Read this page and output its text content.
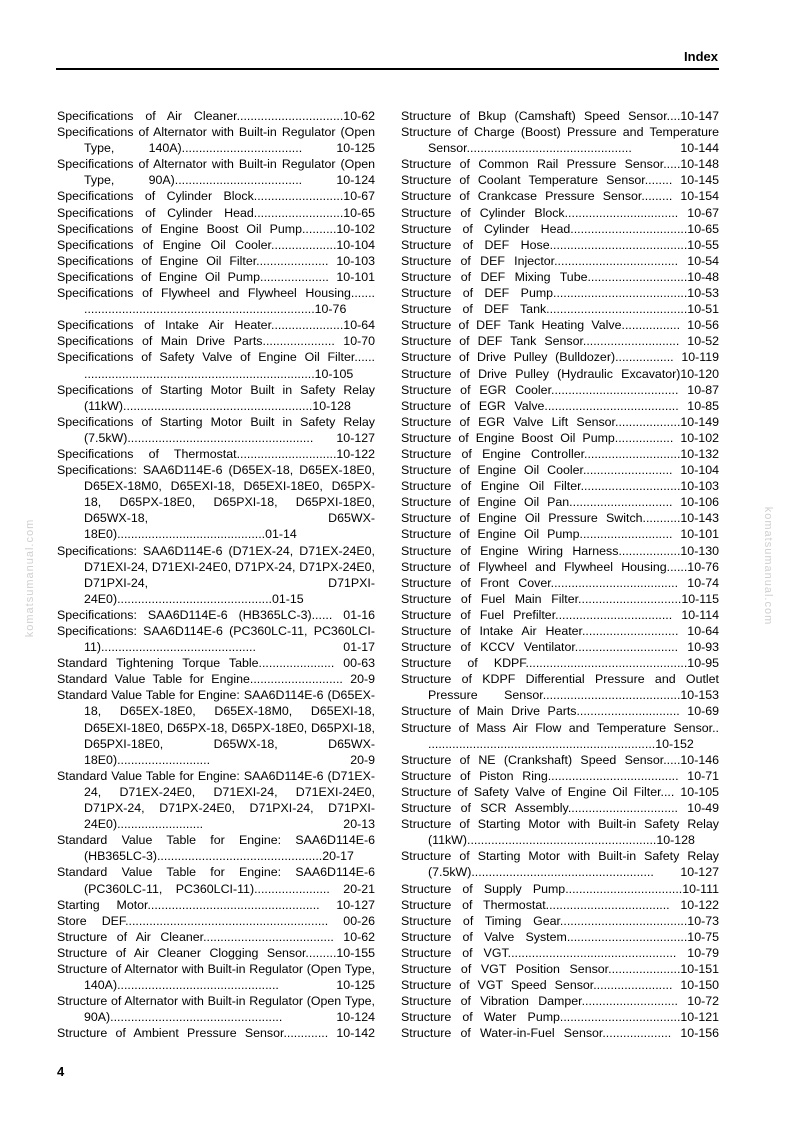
Index
komatsumanual.com	komatsumanual.com
Specifications of Air Cleaner...............................10-62
Specifications of Alternator with Built-in Regulator (Open Type, 140A)................................... 10-125
Specifications of Alternator with Built-in Regulator (Open Type, 90A)..................................... 10-124
Specifications of Cylinder Block..........................10-67
Specifications of Cylinder Head..........................10-65
Specifications of Engine Boost Oil Pump..........10-102
Specifications of Engine Oil Cooler...................10-104
Specifications of Engine Oil Filter..................... 10-103
Specifications of Engine Oil Pump.................... 10-101
Specifications of Flywheel and Flywheel Housing....... ...................................................................10-76
Specifications of Intake Air Heater.....................10-64
Specifications of Main Drive Parts..................... 10-70
Specifications of Safety Valve of Engine Oil Filter...... ...................................................................10-105
Specifications of Starting Motor Built in Safety Relay (11kW).......................................................10-128
Specifications of Starting Motor Built in Safety Relay (7.5kW)...................................................... 10-127
Specifications of Thermostat.............................10-122
Specifications: SAA6D114E-6 (D65EX-18, D65EX-18E0, D65EX-18M0, D65EXI-18, D65EXI-18E0, D65PX-18, D65PX-18E0, D65PXI-18, D65PXI-18E0, D65WX-18, D65WX-18E0)...........................................01-14
Specifications: SAA6D114E-6 (D71EX-24, D71EX-24E0, D71EXI-24, D71EXI-24E0, D71PX-24, D71PX-24E0, D71PXI-24, D71PXI-24E0).............................................01-15
Specifications: SAA6D114E-6 (HB365LC-3)...... 01-16
Specifications: SAA6D114E-6 (PC360LC-11, PC360LCI-11)............................................. 01-17
Standard Tightening Torque Table...................... 00-63
Standard Value Table for Engine........................... 20-9
Standard Value Table for Engine: SAA6D114E-6 (D65EX-18, D65EX-18E0, D65EX-18M0, D65EXI-18, D65EXI-18E0, D65PX-18, D65PX-18E0, D65PXI-18, D65PXI-18E0, D65WX-18, D65WX-18E0)........................... 20-9
Standard Value Table for Engine: SAA6D114E-6 (D71EX-24, D71EX-24E0, D71EXI-24, D71EXI-24E0, D71PX-24, D71PX-24E0, D71PXI-24, D71PXI-24E0)......................... 20-13
Standard Value Table for Engine: SAA6D114E-6 (HB365LC-3)................................................20-17
Standard Value Table for Engine: SAA6D114E-6 (PC360LC-11, PC360LCI-11)...................... 20-21
Starting Motor.................................................. 10-127
Store DEF........................................................... 00-26
Structure of Air Cleaner...................................... 10-62
Structure of Air Cleaner Clogging Sensor.........10-155
Structure of Alternator with Built-in Regulator (Open Type, 140A)............................................... 10-125
Structure of Alternator with Built-in Regulator (Open Type, 90A).................................................. 10-124
Structure of Ambient Pressure Sensor............. 10-142
Structure of Bkup (Camshaft) Speed Sensor....10-147
Structure of Charge (Boost) Pressure and Temperature Sensor................................................ 10-144
Structure of Common Rail Pressure Sensor.....10-148
Structure of Coolant Temperature Sensor........ 10-145
Structure of Crankcase Pressure Sensor......... 10-154
Structure of Cylinder Block................................. 10-67
Structure of Cylinder Head..................................10-65
Structure of DEF Hose........................................10-55
Structure of DEF Injector.................................... 10-54
Structure of DEF Mixing Tube.............................10-48
Structure of DEF Pump.......................................10-53
Structure of DEF Tank.........................................10-51
Structure of DEF Tank Heating Valve................. 10-56
Structure of DEF Tank Sensor............................ 10-52
Structure of Drive Pulley (Bulldozer)................. 10-119
Structure of Drive Pulley (Hydraulic Excavator)10-120
Structure of EGR Cooler..................................... 10-87
Structure of EGR Valve....................................... 10-85
Structure of EGR Valve Lift Sensor...................10-149
Structure of Engine Boost Oil Pump................. 10-102
Structure of Engine Controller............................10-132
Structure of Engine Oil Cooler.......................... 10-104
Structure of Engine Oil Filter.............................10-103
Structure of Engine Oil Pan.............................. 10-106
Structure of Engine Oil Pressure Switch...........10-143
Structure of Engine Oil Pump........................... 10-101
Structure of Engine Wiring Harness..................10-130
Structure of Flywheel and Flywheel Housing......10-76
Structure of Front Cover..................................... 10-74
Structure of Fuel Main Filter..............................10-115
Structure of Fuel Prefilter.................................. 10-114
Structure of Intake Air Heater............................ 10-64
Structure of KCCV Ventilator.............................. 10-93
Structure of KDPF...............................................10-95
Structure of KDPF Differential Pressure and Outlet Pressure Sensor........................................10-153
Structure of Main Drive Parts.............................. 10-69
Structure of Mass Air Flow and Temperature Sensor.. ..................................................................10-152
Structure of NE (Crankshaft) Speed Sensor.....10-146
Structure of Piston Ring...................................... 10-71
Structure of Safety Valve of Engine Oil Filter.... 10-105
Structure of SCR Assembly................................ 10-49
Structure of Starting Motor with Built-in Safety Relay (11kW).......................................................10-128
Structure of Starting Motor with Built-in Safety Relay (7.5kW)..................................................... 10-127
Structure of Supply Pump..................................10-111
Structure of Thermostat.................................... 10-122
Structure of Timing Gear.....................................10-73
Structure of Valve System...................................10-75
Structure of VGT................................................. 10-79
Structure of VGT Position Sensor.....................10-151
Structure of VGT Speed Sensor....................... 10-150
Structure of Vibration Damper............................ 10-72
Structure of Water Pump...................................10-121
Structure of Water-in-Fuel Sensor.................... 10-156
4
